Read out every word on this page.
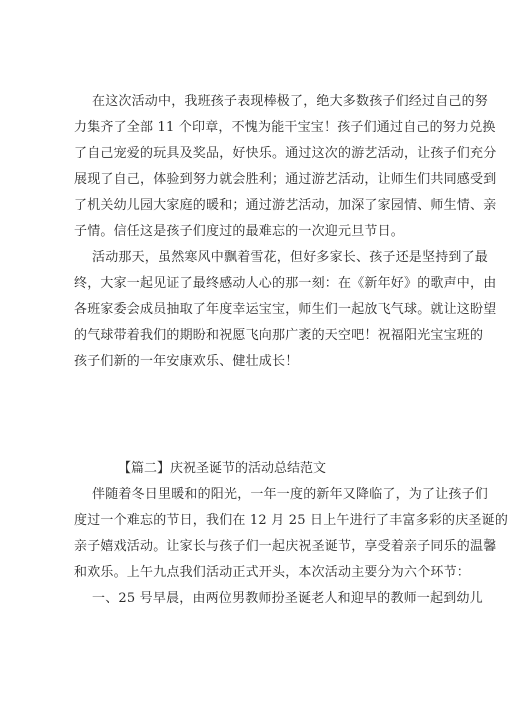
在这次活动中，我班孩子表现棒极了，绝大多数孩子们经过自己的努
力集齐了全部 11 个印章，不愧为能干宝宝！孩子们通过自己的努力兑换
了自己宠爱的玩具及奖品，好快乐。通过这次的游艺活动，让孩子们充分
展现了自己，体验到努力就会胜利；通过游艺活动，让师生们共同感受到
了机关幼儿园大家庭的暖和；通过游艺活动，加深了家园情、师生情、亲
子情。信任这是孩子们度过的最难忘的一次迎元旦节日。
活动那天，虽然寒风中飘着雪花，但好多家长、孩子还是坚持到了最
终，大家一起见证了最终感动人心的那一刻：在《新年好》的歌声中，由
各班家委会成员抽取了年度幸运宝宝，师生们一起放飞气球。就让这盼望
的气球带着我们的期盼和祝愿飞向那广袤的天空吧！祝福阳光宝宝班的
孩子们新的一年安康欢乐、健壮成长！
【篇二】庆祝圣诞节的活动总结范文
伴随着冬日里暖和的阳光，一年一度的新年又降临了，为了让孩子们
度过一个难忘的节日，我们在 12 月 25 日上午进行了丰富多彩的庆圣诞的
亲子嬉戏活动。让家长与孩子们一起庆祝圣诞节，享受着亲子同乐的温馨
和欢乐。上午九点我们活动正式开头，本次活动主要分为六个环节：
一、25 号早晨，由两位男教师扮圣诞老人和迎早的教师一起到幼儿
